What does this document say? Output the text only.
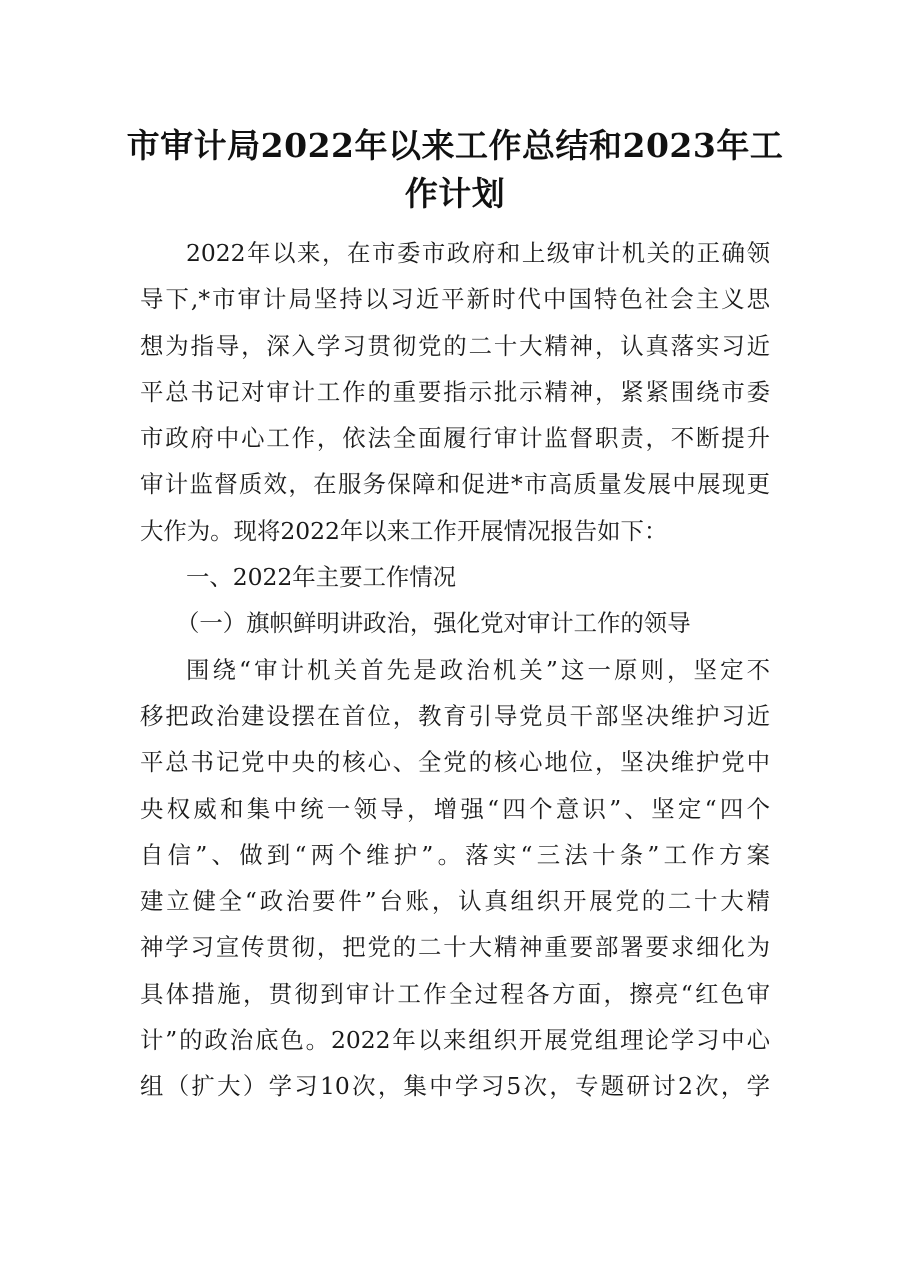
市审计局2022年以来工作总结和2023年工
作计划
2022年以来，在市委市政府和上级审计机关的正确领
导下,*市审计局坚持以习近平新时代中国特色社会主义思
想为指导，深入学习贯彻党的二十大精神，认真落实习近
平总书记对审计工作的重要指示批示精神，紧紧围绕市委
市政府中心工作，依法全面履行审计监督职责，不断提升
审计监督质效，在服务保障和促进*市高质量发展中展现更
大作为。现将2022年以来工作开展情况报告如下：
一、2022年主要工作情况
（一）旗帜鲜明讲政治，强化党对审计工作的领导
围绕“审计机关首先是政治机关”这一原则，坚定不
移把政治建设摆在首位，教育引导党员干部坚决维护习近
平总书记党中央的核心、全党的核心地位，坚决维护党中
央权威和集中统一领导，增强“四个意识”、坚定“四个
自信”、做到“两个维护”。落实“三法十条”工作方案
建立健全“政治要件”台账，认真组织开展党的二十大精
神学习宣传贯彻，把党的二十大精神重要部署要求细化为
具体措施，贯彻到审计工作全过程各方面，擦亮“红色审
计”的政治底色。2022年以来组织开展党组理论学习中心
组（扩大）学习10次，集中学习5次，专题研讨2次，学
